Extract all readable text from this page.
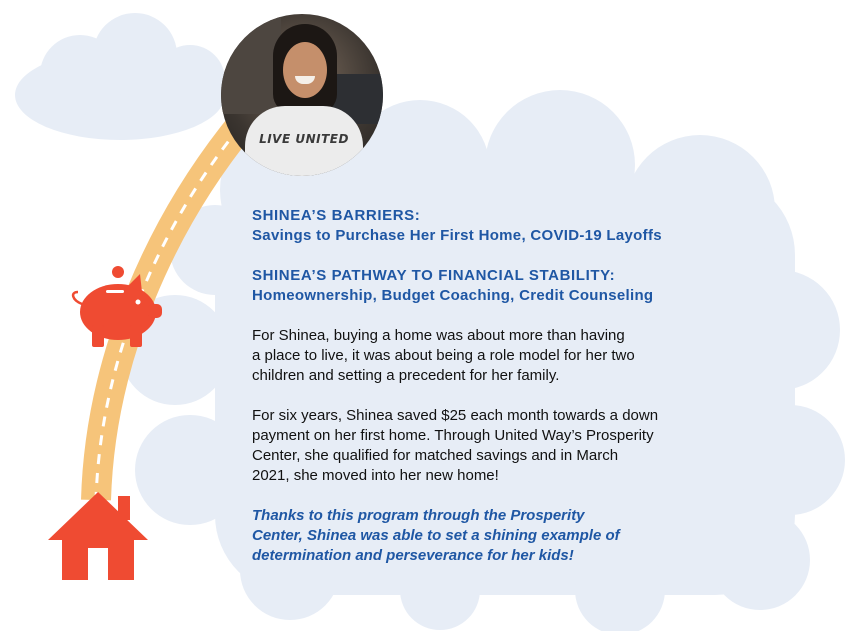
LIVE UNITED

SHINEA’S BARRIERS:

Savings to Purchase Her First Home, COVID-19 Layoffs

SHINEA’S PATHWAY TO FINANCIAL STABILITY:

Homeownership, Budget Coaching, Credit Counseling

For Shinea, buying a home was about more than having

a place to live, it was about being a role model for her two

children and setting a precedent for her family.

For six years, Shinea saved $25 each month towards a down

payment on her first home. Through United Way’s Prosperity

Center, she qualified for matched savings and in March

2021, she moved into her new home!

Thanks to this program through the Prosperity

Center, Shinea was able to set a shining example of

determination and perseverance for her kids!
